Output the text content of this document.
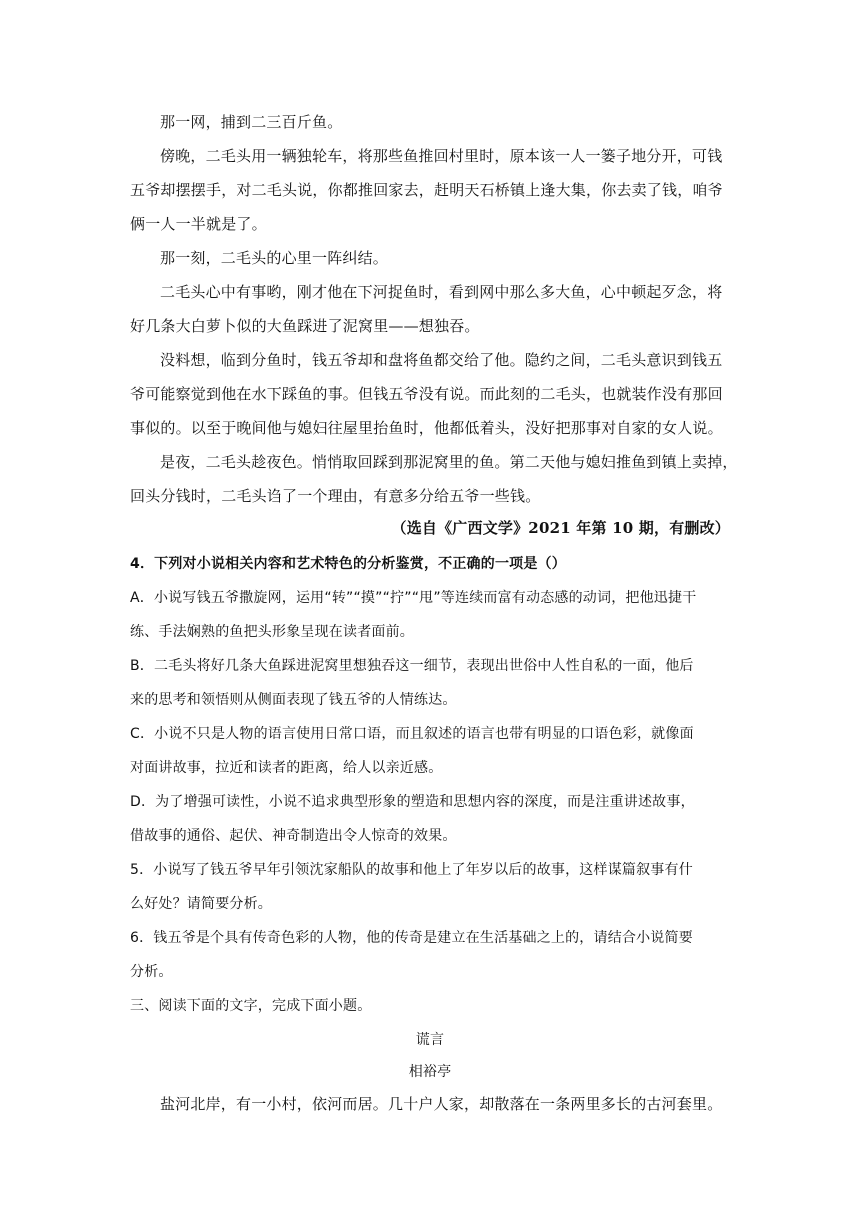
那一网，捕到二三百斤鱼。
傍晚，二毛头用一辆独轮车，将那些鱼推回村里时，原本该一人一篓子地分开，可钱
五爷却摆摆手，对二毛头说，你都推回家去，赶明天石桥镇上逢大集，你去卖了钱，咱爷
俩一人一半就是了。
那一刻，二毛头的心里一阵纠结。
二毛头心中有事哟，刚才他在下河捉鱼时，看到网中那么多大鱼，心中顿起歹念，将
好几条大白萝卜似的大鱼踩进了泥窝里——想独吞。
没料想，临到分鱼时，钱五爷却和盘将鱼都交给了他。隐约之间，二毛头意识到钱五
爷可能察觉到他在水下踩鱼的事。但钱五爷没有说。而此刻的二毛头，也就装作没有那回
事似的。以至于晚间他与媳妇往屋里抬鱼时，他都低着头，没好把那事对自家的女人说。
是夜，二毛头趁夜色。悄悄取回踩到那泥窝里的鱼。第二天他与媳妇推鱼到镇上卖掉，
回头分钱时，二毛头诌了一个理由，有意多分给五爷一些钱。
（选自《广西文学》2021 年第 10 期，有删改）
4．下列对小说相关内容和艺术特色的分析鉴赏，不正确的一项是（）
A．小说写钱五爷撒旋网，运用“转”“摸”“拧”“甩”等连续而富有动态感的动词，把他迅捷干
练、手法娴熟的鱼把头形象呈现在读者面前。
B．二毛头将好几条大鱼踩进泥窝里想独吞这一细节，表现出世俗中人性自私的一面，他后
来的思考和领悟则从侧面表现了钱五爷的人情练达。
C．小说不只是人物的语言使用日常口语，而且叙述的语言也带有明显的口语色彩，就像面
对面讲故事，拉近和读者的距离，给人以亲近感。
D．为了增强可读性，小说不追求典型形象的塑造和思想内容的深度，而是注重讲述故事，
借故事的通俗、起伏、神奇制造出令人惊奇的效果。
5．小说写了钱五爷早年引领沈家船队的故事和他上了年岁以后的故事，这样谋篇叙事有什
么好处？请简要分析。
6．钱五爷是个具有传奇色彩的人物，他的传奇是建立在生活基础之上的，请结合小说简要
分析。
三、阅读下面的文字，完成下面小题。
谎言
相裕亭
盐河北岸，有一小村，依河而居。几十户人家，却散落在一条两里多长的古河套里。
